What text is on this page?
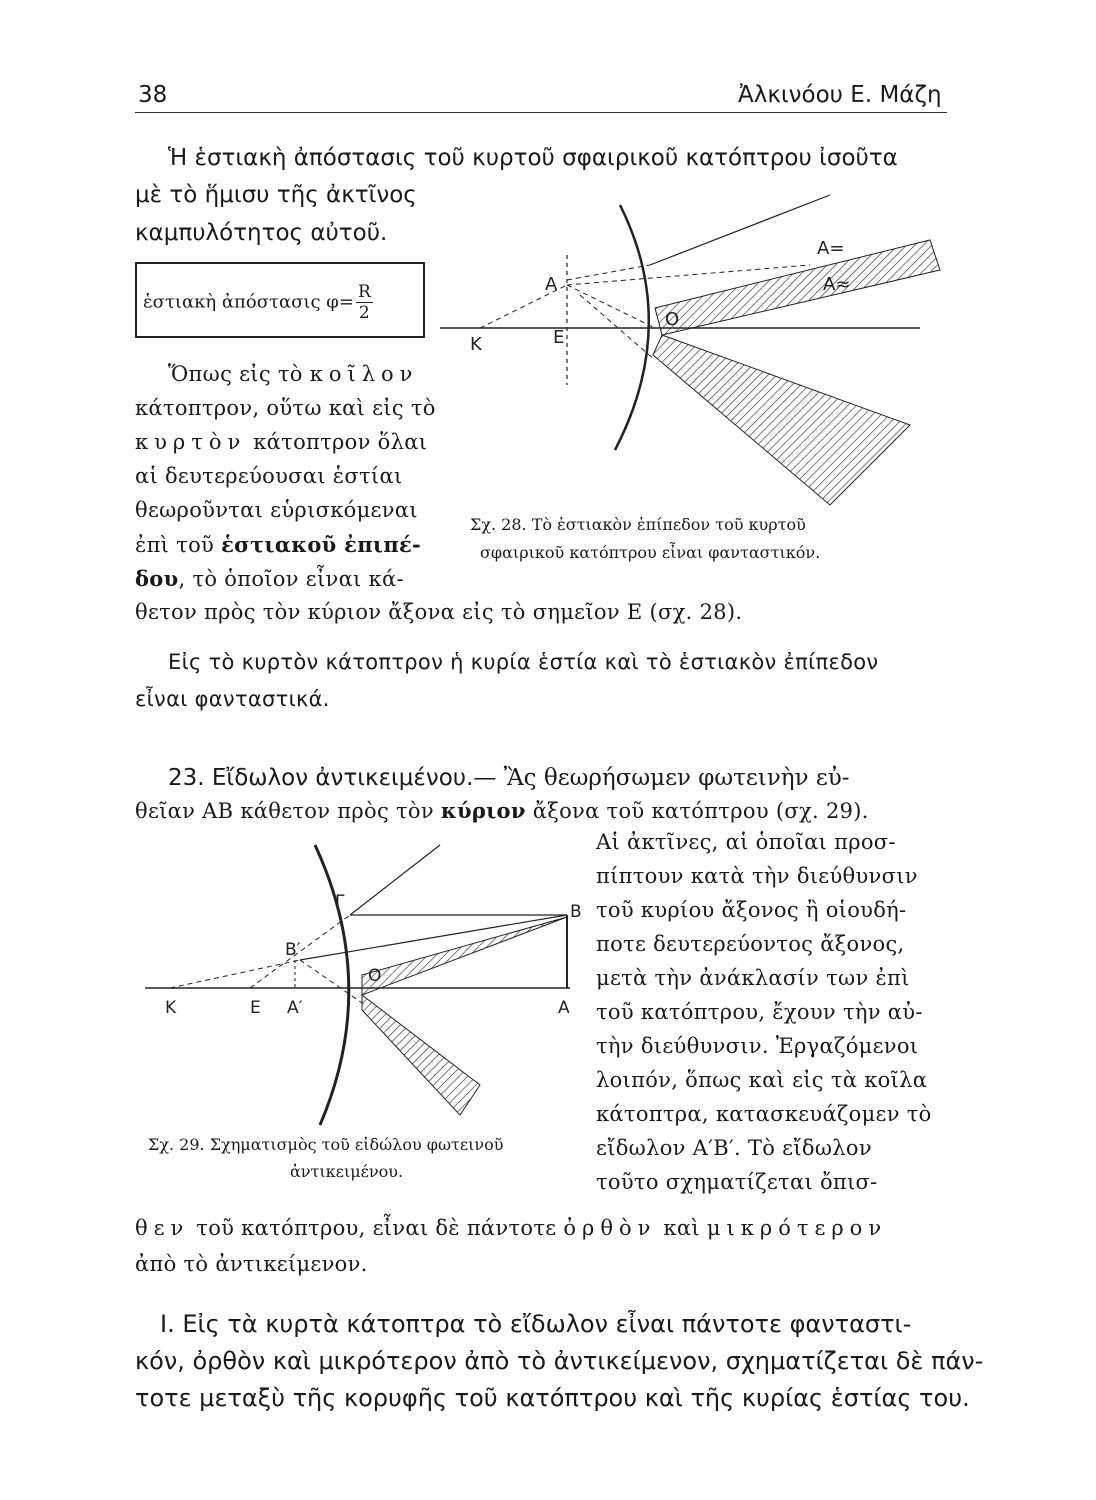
38	Ἀλκινόου Ε. Μάζη
Ἡ ἑστιακὴ ἀπόστασις τοῦ κυρτοῦ σφαιρικοῦ κατόπτρου ἰσοῦτα
μὲ τὸ ἥμισυ τῆς ἀκτῖνος
καμπυλότητος αὐτοῦ.
ἑστιακὴ ἀπόστασις $\varphi= \frac{R}{2}$
Ὅπως εἰς τὸ κοῖλον
κάτοπτρον, οὕτω καὶ εἰς τὸ
κυρτὸν κάτοπτρον ὅλαι
αἱ δευτερεύουσαι ἑστίαι
θεωροῦνται εὑρισκόμεναι
ἐπὶ τοῦ ἑστιακοῦ ἐπιπέ-
δου, τὸ ὁποῖον εἶναι κά-
θετον πρὸς τὸν κύριον ἄξονα εἰς τὸ σημεῖον Ε (σχ. 28).
Κ	Ε
Α
O
Α=
Α≈
Σχ. 28. Τὸ ἑστιακὸν ἐπίπεδον τοῦ κυρτοῦ
σφαιρικοῦ κατόπτρου εἶναι φανταστικόν.
Εἰς τὸ κυρτὸν κάτοπτρον ἡ κυρία ἑστία καὶ τὸ ἑστιακὸν ἐπίπεδον
εἶναι φανταστικά.
23. Εἴδωλον ἀντικειμένου.— Ἂς θεωρήσωμεν φωτεινὴν εὐ-
θεῖαν ΑΒ κάθετον πρὸς τὸν κύριον ἄξονα τοῦ κατόπτρου (σχ. 29).
Αἱ ἀκτῖνες, αἱ ὁποῖαι προσ-
πίπτουν κατὰ τὴν διεύθυνσιν
τοῦ κυρίου ἄξονος ἢ οἱουδή-
ποτε δευτερεύοντος ἄξονος,
μετὰ τὴν ἀνάκλασίν των ἐπὶ
τοῦ κατόπτρου, ἔχουν τὴν αὐ-
τὴν διεύθυνσιν. Ἐργαζόμενοι
λοιπόν, ὅπως καὶ εἰς τὰ κοῖλα
κάτοπτρα, κατασκευάζομεν τὸ
εἴδωλον Α′Β′. Τὸ εἴδωλον
τοῦτο σχηματίζεται ὄπισ-
Γ	Β
Β′
O
Κ	Ε Α′	Α
Σχ. 29. Σχηματισμὸς τοῦ εἰδώλου φωτεινοῦ
ἀντικειμένου.
θεν τοῦ κατόπτρου, εἶναι δὲ πάντοτε ὀρθὸν καὶ μικρότερον
ἀπὸ τὸ ἀντικείμενον.
I. Εἰς τὰ κυρτὰ κάτοπτρα τὸ εἴδωλον εἶναι πάντοτε φανταστι-
κόν, ὀρθὸν καὶ μικρότερον ἀπὸ τὸ ἀντικείμενον, σχηματίζεται δὲ πάν-
τοτε μεταξὺ τῆς κορυφῆς τοῦ κατόπτρου καὶ τῆς κυρίας ἑστίας του.
